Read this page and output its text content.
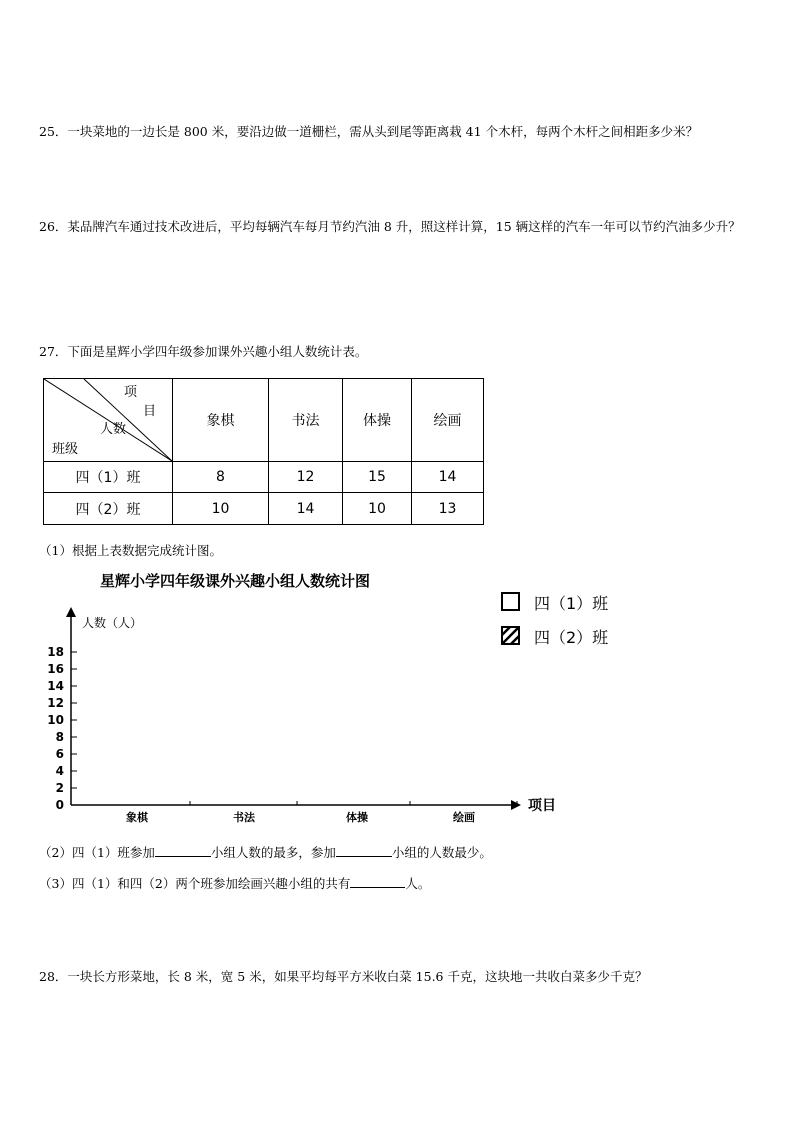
25．一块菜地的一边长是 800 米，要沿边做一道栅栏，需从头到尾等距离栽 41 个木杆，每两个木杆之间相距多少米？
26．某品牌汽车通过技术改进后，平均每辆汽车每月节约汽油 8 升，照这样计算，15 辆这样的汽车一年可以节约汽油多少升？
27．下面是星辉小学四年级参加课外兴趣小组人数统计表。
项
目
人数
班级	象棋	书法	体操	绘画
四（1）班	8	12	15	14
四（2）班	10	14	10	13
（1）根据上表数据完成统计图。
星辉小学四年级课外兴趣小组人数统计图
四（1）班
四（2）班
0
2
4
6
8
10
12
14
16
18
象棋	书法	体操	绘画
人数（人）
项目
（2）四（1）班参加	小组人数的最多，参加	小组的人数最少。
（3）四（1）和四（2）两个班参加绘画兴趣小组的共有	人。
28．一块长方形菜地，长 8 米，宽 5 米，如果平均每平方米收白菜 15.6 千克，这块地一共收白菜多少千克？
